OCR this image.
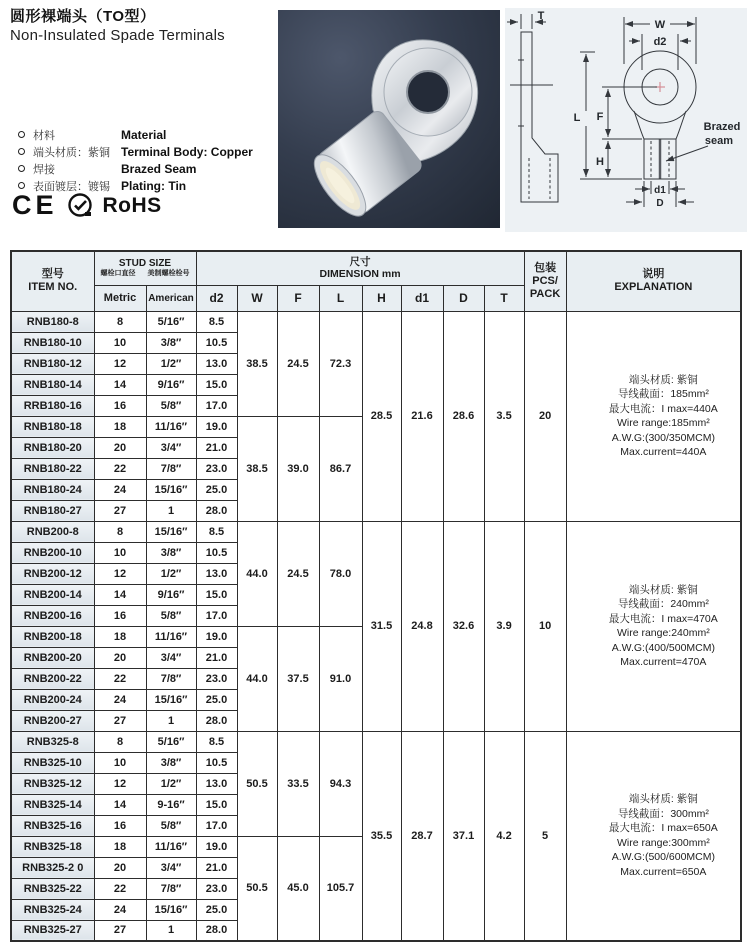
圆形裸端头（TO型）
Non-Insulated Spade Terminals
材料	Material
端头材质：紫铜 Terminal Body: Copper
焊接	Brazed Seam
表面镀层：镀锡 Plating: Tin
CE RoHS
T
L
W
d2
F
H
d1
D
Brazed
seam
型号
ITEM NO.

STUD SIZE
螺栓口直径 美制螺栓栓号

尺寸
DIMENSION mm

包装
PCS/
PACK

说明
EXPLANATION

	Metric	American	d2	W	F	L	H	d1	D	T		
RNB180-8	8	5/16″	8.5	38.5	24.5	72.3	28.5	21.6	28.6	3.5	20	
端头材质: 紫铜
导线截面：185mm²
最大电流：I max=440A
Wire range:185mm²
A.W.G:(300/350MCM)
Max.current=440A

RNB180-10	10	3/8″	10.5									
RNB180-12	12	1/2″	13.0									
RNB180-14	14	9/16″	15.0									
RRB180-16	16	5/8″	17.0									
RNB180-18	18	11/16″	19.0	38.5	39.0	86.7						
RNB180-20	20	3/4″	21.0									
RNB180-22	22	7/8″	23.0									
RNB180-24	24	15/16″	25.0									
RNB180-27	27	1	28.0									
RNB200-8	8	15/16″	8.5	44.0	24.5	78.0	31.5	24.8	32.6	3.9	10	
端头材质: 紫铜
导线截面：240mm²
最大电流：I max=470A
Wire range:240mm²
A.W.G:(400/500MCM)
Max.current=470A

RNB200-10	10	3/8″	10.5									
RNB200-12	12	1/2″	13.0									
RNB200-14	14	9/16″	15.0									
RNB200-16	16	5/8″	17.0									
RNB200-18	18	11/16″	19.0	44.0	37.5	91.0						
RNB200-20	20	3/4″	21.0									
RNB200-22	22	7/8″	23.0									
RNB200-24	24	15/16″	25.0									
RNB200-27	27	1	28.0									
RNB325-8	8	5/16″	8.5	50.5	33.5	94.3	35.5	28.7	37.1	4.2	5	
端头材质: 紫铜
导线截面：300mm²
最大电流：I max=650A
Wire range:300mm²
A.W.G:(500/600MCM)
Max.current=650A

RNB325-10	10	3/8″	10.5									
RNB325-12	12	1/2″	13.0									
RNB325-14	14	9-16″	15.0									
RNB325-16	16	5/8″	17.0									
RNB325-18	18	11/16″	19.0	50.5	45.0	105.7						
RNB325-2 0	20	3/4″	21.0									
RNB325-22	22	7/8″	23.0									
RNB325-24	24	15/16″	25.0									
RNB325-27	27	1	28.0									
